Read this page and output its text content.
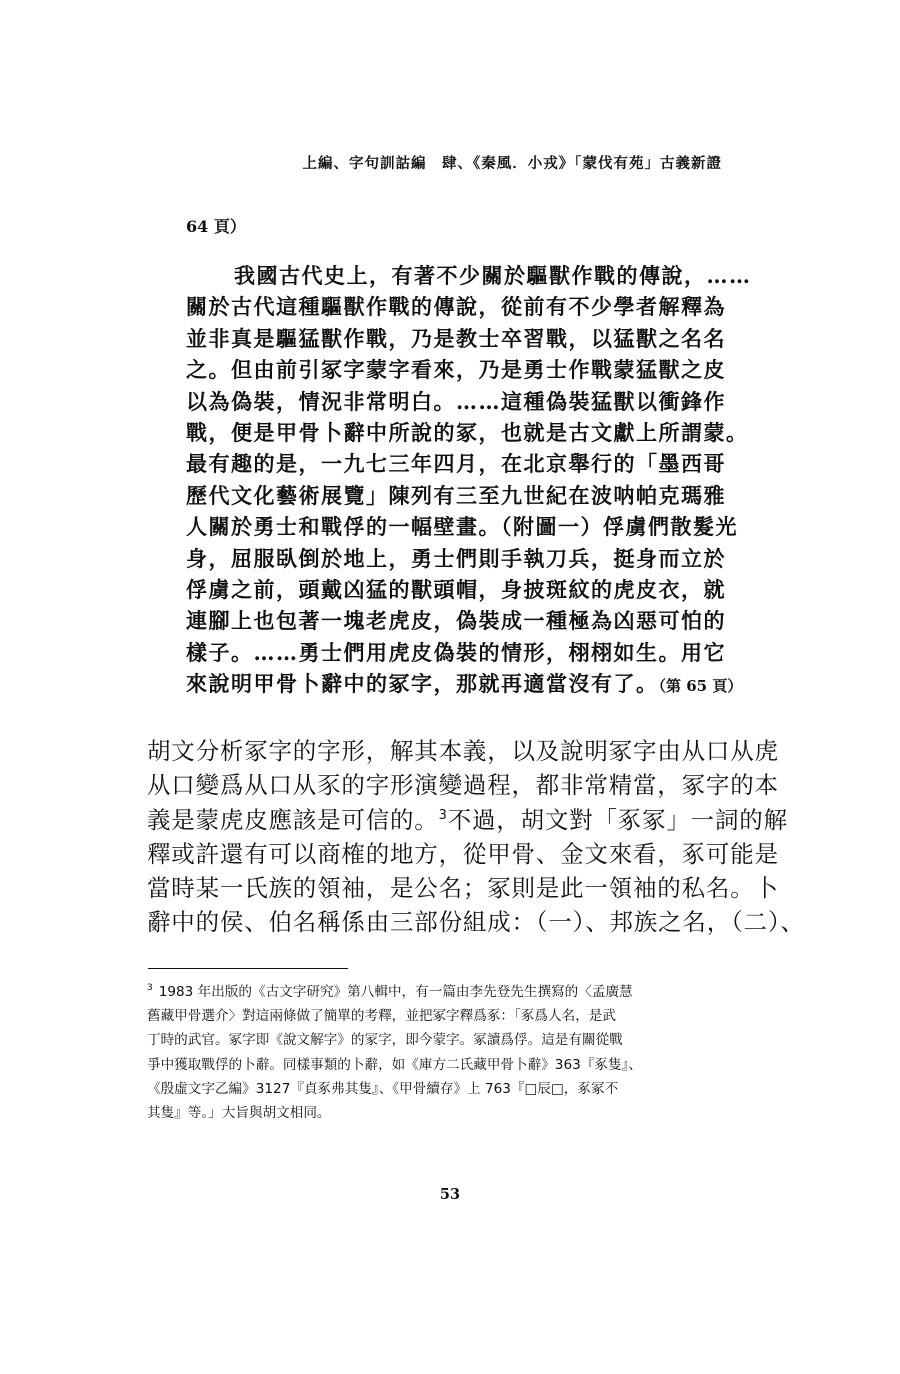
上編、字句訓詁編　肆、《秦風．小戎》「蒙伐有苑」古義新證
64 頁）
我國古代史上，有著不少關於驅獸作戰的傳說，……
關於古代這種驅獸作戰的傳說，從前有不少學者解釋為
並非真是驅猛獸作戰，乃是教士卒習戰，以猛獸之名名
之。但由前引冢字蒙字看來，乃是勇士作戰蒙猛獸之皮
以為偽裝，情況非常明白。……這種偽裝猛獸以衝鋒作
戰，便是甲骨卜辭中所說的冢，也就是古文獻上所謂蒙。
最有趣的是，一九七三年四月，在北京舉行的「墨西哥
歷代文化藝術展覽」陳列有三至九世紀在波呐帕克瑪雅
人關於勇士和戰俘的一幅壁畫。（附圖一）俘虜們散髮光
身，屈服臥倒於地上，勇士們則手執刀兵，挺身而立於
俘虜之前，頭戴凶猛的獸頭帽，身披斑紋的虎皮衣，就
連腳上也包著一塊老虎皮，偽裝成一種極為凶惡可怕的
樣子。……勇士們用虎皮偽裝的情形，栩栩如生。用它
來說明甲骨卜辭中的冢字，那就再適當沒有了。（第 65 頁）
胡文分析冢字的字形，解其本義，以及說明冢字由从口从虎
从口變爲从口从豕的字形演變過程，都非常精當，冢字的本
義是蒙虎皮應該是可信的。$^3$不過，胡文對「豖冢」一詞的解
釋或許還有可以商榷的地方，從甲骨、金文來看，豖可能是
當時某一氏族的領袖，是公名；冢則是此一領袖的私名。卜
辭中的侯、伯名稱係由三部份組成：（一）、邦族之名，（二）、
$^3$ 1983 年出版的《古文字研究》第八輯中，有一篇由李先登先生撰寫的〈孟廣慧
舊藏甲骨選介〉對這兩條做了簡單的考釋，並把冢字釋爲豖：「豖爲人名，是武
丁時的武官。冢字即《說文解字》的冡字，即今蒙字。冢讀爲俘。這是有關從戰
爭中獲取戰俘的卜辭。同樣事類的卜辭，如《庫方二氏藏甲骨卜辭》363『豖隻』、
《殷虛文字乙編》3127『貞豖弗其隻』、《甲骨續存》上 763『□辰□，豖冢不
其隻』等。」大旨與胡文相同。
53
